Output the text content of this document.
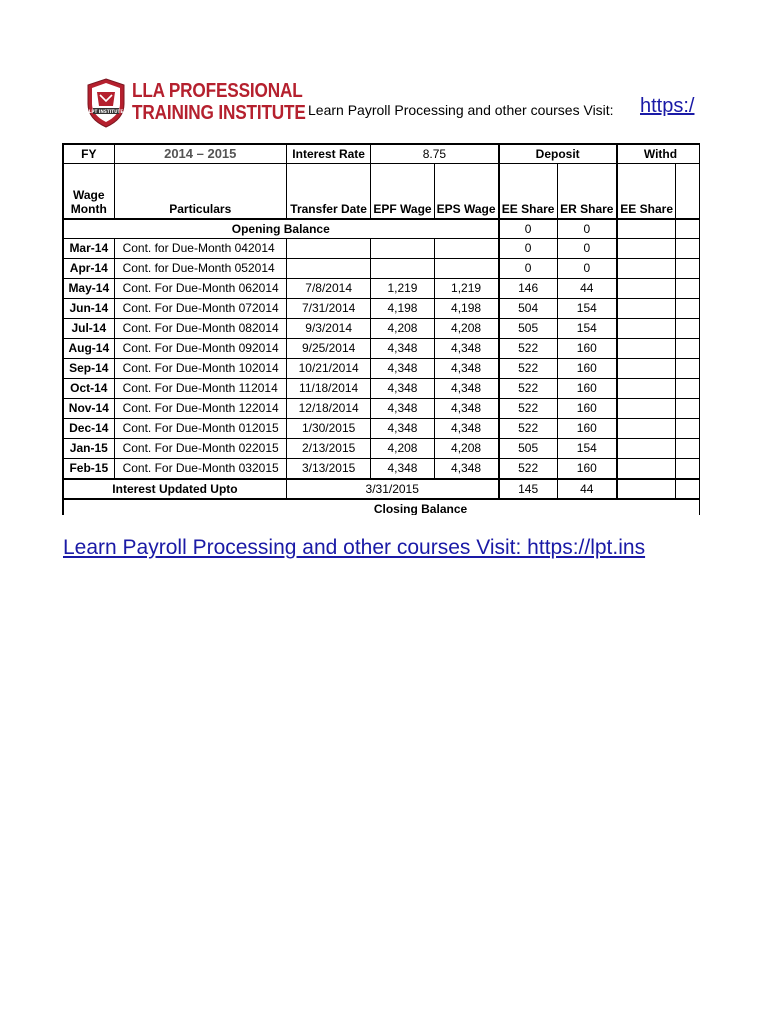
LPT INSTITUTE
LLA PROFESSIONAL
TRAINING INSTITUTE Learn Payroll Processing and other courses Visit: https:/
FY	2014 – 2015	Interest Rate	8.75		Deposit		Withd	
Wage Month	Particulars	Transfer Date	EPF Wage	EPS Wage	EE Share	ER Share	EE Share	
Opening Balance					0	0		
Mar-14	Cont. for Due-Month 042014				0	0		
Apr-14	Cont. for Due-Month 052014				0	0		
May-14	Cont. For Due-Month 062014	7/8/2014	1,219	1,219	146	44		
Jun-14	Cont. For Due-Month 072014	7/31/2014	4,198	4,198	504	154		
Jul-14	Cont. For Due-Month 082014	9/3/2014	4,208	4,208	505	154		
Aug-14	Cont. For Due-Month 092014	9/25/2014	4,348	4,348	522	160		
Sep-14	Cont. For Due-Month 102014	10/21/2014	4,348	4,348	522	160		
Oct-14	Cont. For Due-Month 112014	11/18/2014	4,348	4,348	522	160		
Nov-14	Cont. For Due-Month 122014	12/18/2014	4,348	4,348	522	160		
Dec-14	Cont. For Due-Month 012015	1/30/2015	4,348	4,348	522	160		
Jan-15	Cont. For Due-Month 022015	2/13/2015	4,208	4,208	505	154		
Feb-15	Cont. For Due-Month 032015	3/13/2015	4,348	4,348	522	160		
Interest Updated Upto		3/31/2015			145	44		
Closing Balance								
Learn Payroll Processing and other courses Visit: https://lpt.ins
